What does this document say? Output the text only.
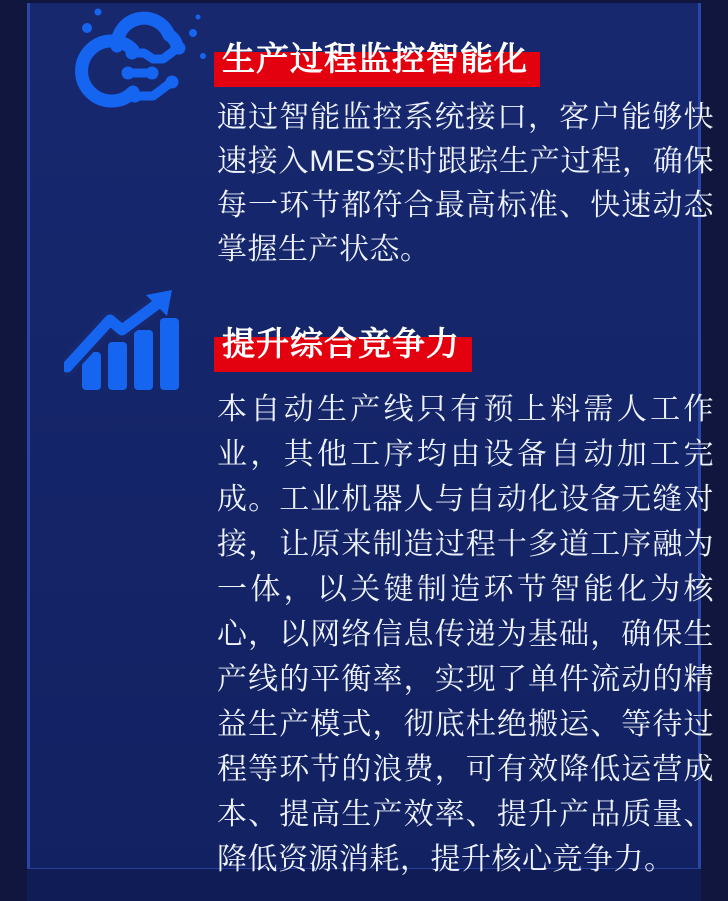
生产过程监控智能化

通过智能监控系统接口，客户能够快速接入MES实时跟踪生产过程，确保每一环节都符合最高标准、快速动态掌握生产状态。

提升综合竞争力

本自动生产线只有预上料需人工作业，其他工序均由设备自动加工完成。工业机器人与自动化设备无缝对接，让原来制造过程十多道工序融为一体，以关键制造环节智能化为核心，以网络信息传递为基础，确保生产线的平衡率，实现了单件流动的精益生产模式，彻底杜绝搬运、等待过程等环节的浪费，可有效降低运营成本、提高生产效率、提升产品质量、降低资源消耗，提升核心竞争力。
